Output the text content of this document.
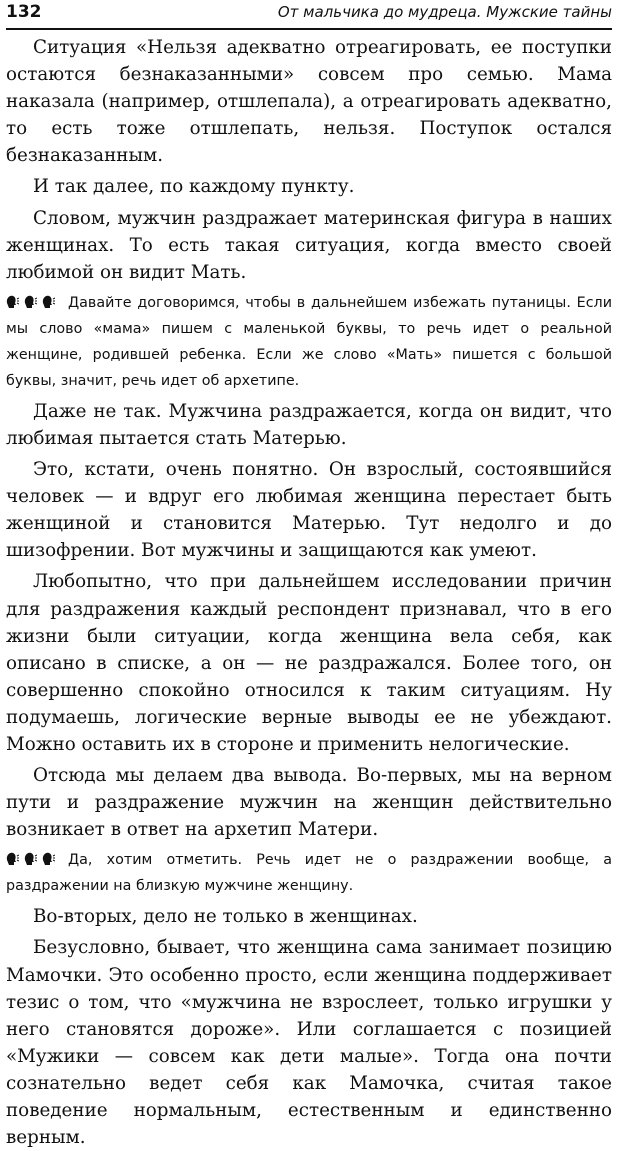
132	От мальчика до мудреца. Мужские тайны

Ситуация «Нельзя адекватно отреагировать, ее поступки остаются безнаказанными» совсем про семью. Мама наказала (например, отшлепала), а отреагировать адекватно, то есть тоже отшлепать, нельзя. Поступок остался безнаказанным.

И так далее, по каждому пункту.

Словом, мужчин раздражает материнская фигура в наших женщинах. То есть такая ситуация, когда вместо своей любимой он видит Мать.

Давайте договоримся, чтобы в дальнейшем избежать путаницы. Если мы слово «мама» пишем с маленькой буквы, то речь идет о реальной женщине, родившей ребенка. Если же слово «Мать» пишется с большой буквы, значит, речь идет об архетипе.

Даже не так. Мужчина раздражается, когда он видит, что любимая пытается стать Матерью.

Это, кстати, очень понятно. Он взрослый, состоявшийся человек — и вдруг его любимая женщина перестает быть женщиной и становится Матерью. Тут недолго и до шизофрении. Вот мужчины и защищаются как умеют.

Любопытно, что при дальнейшем исследовании причин для раздражения каждый респондент признавал, что в его жизни были ситуации, когда женщина вела себя, как описано в списке, а он — не раздражался. Более того, он совершенно спокойно относился к таким ситуациям. Ну подумаешь, логические верные выводы ее не убеждают. Можно оставить их в стороне и применить нелогические.

Отсюда мы делаем два вывода. Во-первых, мы на верном пути и раздражение мужчин на женщин действительно возникает в ответ на архетип Матери.

Да, хотим отметить. Речь идет не о раздражении вообще, а раздражении на близкую мужчине женщину.

Во-вторых, дело не только в женщинах.

Безусловно, бывает, что женщина сама занимает позицию Мамочки. Это особенно просто, если женщина поддерживает тезис о том, что «мужчина не взрослеет, только игрушки у него становятся дороже». Или соглашается с позицией «Мужики — совсем как дети малые». Тогда она почти сознательно ведет себя как Мамочка, считая такое поведение нормальным, естественным и единственно верным.
